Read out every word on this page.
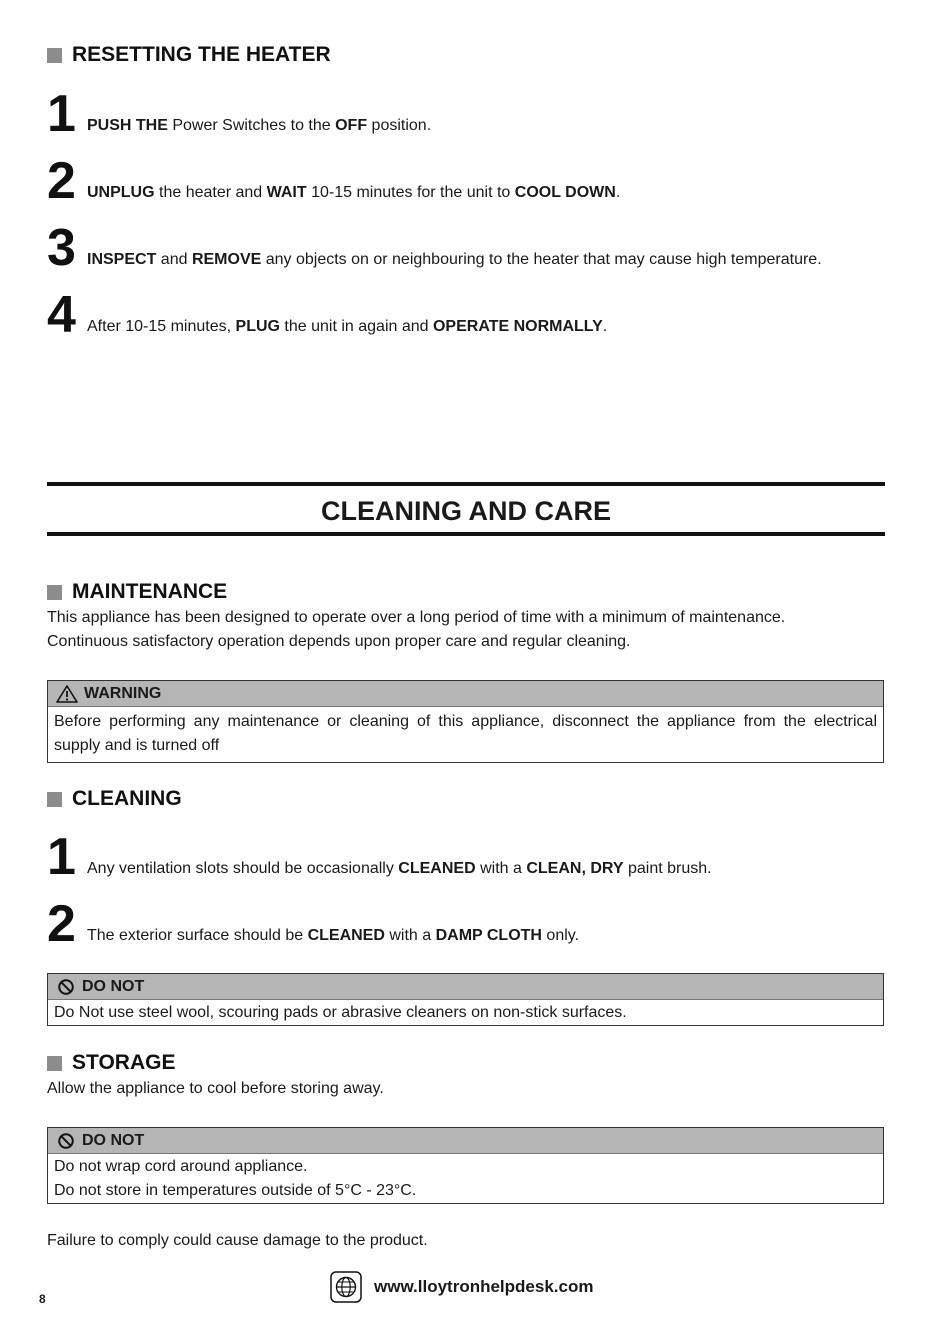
RESETTING THE HEATER
1 PUSH THE Power Switches to the OFF position.
2 UNPLUG the heater and WAIT 10-15 minutes for the unit to COOL DOWN.
3 INSPECT and REMOVE any objects on or neighbouring to the heater that may cause high temperature.
4 After 10-15 minutes, PLUG the unit in again and OPERATE NORMALLY.
CLEANING AND CARE
MAINTENANCE
This appliance has been designed to operate over a long period of time with a minimum of maintenance.
Continuous satisfactory operation depends upon proper care and regular cleaning.
WARNING
Before performing any maintenance or cleaning of this appliance, disconnect the appliance from the electrical supply and is turned off
CLEANING
1 Any ventilation slots should be occasionally CLEANED with a CLEAN, DRY paint brush.
2 The exterior surface should be CLEANED with a DAMP CLOTH only.
DO NOT
Do Not use steel wool, scouring pads or abrasive cleaners on non-stick surfaces.
STORAGE
Allow the appliance to cool before storing away.
DO NOT
Do not wrap cord around appliance.
Do not store in temperatures outside of 5°C - 23°C.
Failure to comply could cause damage to the product.
www.lloytronhelpdesk.com
8
